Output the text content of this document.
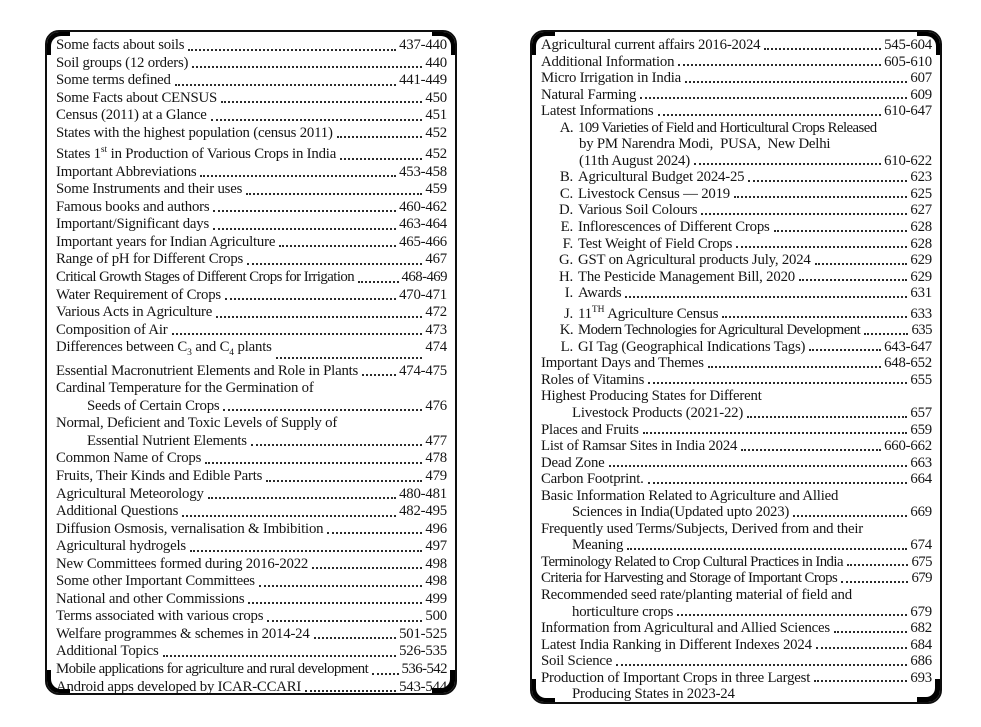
Some facts about soils	437-440
Soil groups (12 orders)	440
Some terms defined	441-449
Some Facts about CENSUS	450
Census (2011) at a Glance	451
States with the highest population (census 2011)	452
States 1st in Production of Various Crops in India	452
Important Abbreviations	453-458
Some Instruments and their uses	459
Famous books and authors	460-462
Important/Significant days	463-464
Important years for Indian Agriculture	465-466
Range of pH for Different Crops	467
Critical Growth Stages of Different Crops for Irrigation	468-469
Water Requirement of Crops	470-471
Various Acts in Agriculture	472
Composition of Air	473
Differences between $C_3$ and $C_4$ plants	474
Essential Macronutrient Elements and Role in Plants	474-475
Cardinal Temperature for the Germination of
Seeds of Certain Crops	476
Normal, Deficient and Toxic Levels of Supply of
Essential Nutrient Elements	477
Common Name of Crops	478
Fruits, Their Kinds and Edible Parts	479
Agricultural Meteorology	480-481
Additional Questions	482-495
Diffusion Osmosis, vernalisation & Imbibition	496
Agricultural hydrogels	497
New Committees formed during 2016-2022	498
Some other Important Committees	498
National and other Commissions	499
Terms associated with various crops	500
Welfare programmes & schemes in 2014-24	501-525
Additional Topics	526-535
Mobile applications for agriculture and rural development 536-542
Android apps developed by ICAR-CCARI	543-544
Agricultural current affairs 2016-2024	545-604
Additional Information	605-610
Micro Irrigation in India	607
Natural Farming	609
Latest Informations	610-647
A. 109 Varieties of Field and Horticultural Crops Released
by PM Narendra Modi,  PUSA,  New Delhi
(11th August 2024)	610-622
B. Agricultural Budget 2024-25	623
C. Livestock Census — 2019	625
D. Various Soil Colours	627
E. Inflorescences of Different Crops	628
F. Test Weight of Field Crops	628
G. GST on Agricultural products July, 2024	629
H. The Pesticide Management Bill, 2020	629
I. Awards	631
J. 11TH Agriculture Census	633
K. Modern Technologies for Agricultural Development	635
L. GI Tag (Geographical Indications Tags)	643-647
Important Days and Themes	648-652
Roles of Vitamins	655
Highest Producing States for Different
Livestock Products (2021-22)	657
Places and Fruits	659
List of Ramsar Sites in India 2024	660-662
Dead Zone	663
Carbon Footprint.	664
Basic Information Related to Agriculture and Allied
Sciences in India(Updated upto 2023)	669
Frequently used Terms/Subjects, Derived from and their
Meaning	674
Terminology Related to Crop Cultural Practices in India	675
Criteria for Harvesting and Storage of Important Crops	679
Recommended seed rate/planting material of field and
horticulture crops	679
Information from Agricultural and Allied Sciences	682
Latest India Ranking in Different Indexes 2024	684
Soil Science	686
Production of Important Crops in three Largest	693
Producing States in 2023-24
